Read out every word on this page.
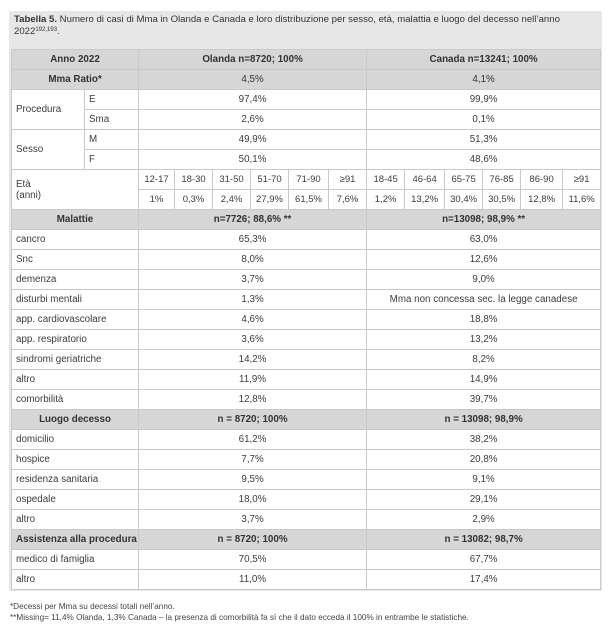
Tabella 5. Numero di casi di Mma in Olanda e Canada e loro distribuzione per sesso, età, malattia e luogo del decesso nell’anno 2022$^{192,193}$.
Anno 2022		Olanda n=8720; 100%						Canada n=13241; 100%					
Mma Ratio*		4,5%						4,1%					
Procedura	E	97,4%						99,9%					
	Sma	2,6%						0,1%					
Sesso	M	49,9%						51,3%					
	F	50,1%						48,6%					
Età
(anni)		12-17	18-30	31-50	51-70	71-90	≥91	18-45	46-64	65-75	76-85	86-90	≥91
		1%	0,3%	2,4%	27,9%	61,5%	7,6%	1,2%	13,2%	30,4%	30,5%	12,8%	11,6%
Malattie		n=7726; 88,6% **						n=13098; 98,9% **					
cancro		65,3%						63,0%					
Snc		8,0%						12,6%					
demenza		3,7%						9,0%					
disturbi mentali		1,3%						Mma non concessa sec. la legge canadese					
app. cardiovascolare		4,6%						18,8%					
app. respiratorio		3,6%						13,2%					
sindromi geriatriche		14,2%						8,2%					
altro		11,9%						14,9%					
comorbilità		12,8%						39,7%					
Luogo decesso		n = 8720; 100%						n = 13098; 98,9%					
domicilio		61,2%						38,2%					
hospice		7,7%						20,8%					
residenza sanitaria		9,5%						9,1%					
ospedale		18,0%						29,1%					
altro		3,7%						2,9%					
Assistenza alla procedura		n = 8720; 100%						n = 13082; 98,7%					
medico di famiglia		70,5%						67,7%					
altro		11,0%						17,4%					
*Decessi per Mma su decessi totali nell’anno.
**Missing= 11,4% Olanda, 1,3% Canada – la presenza di comorbilità fa sì che il dato ecceda il 100% in entrambe le statistiche.
